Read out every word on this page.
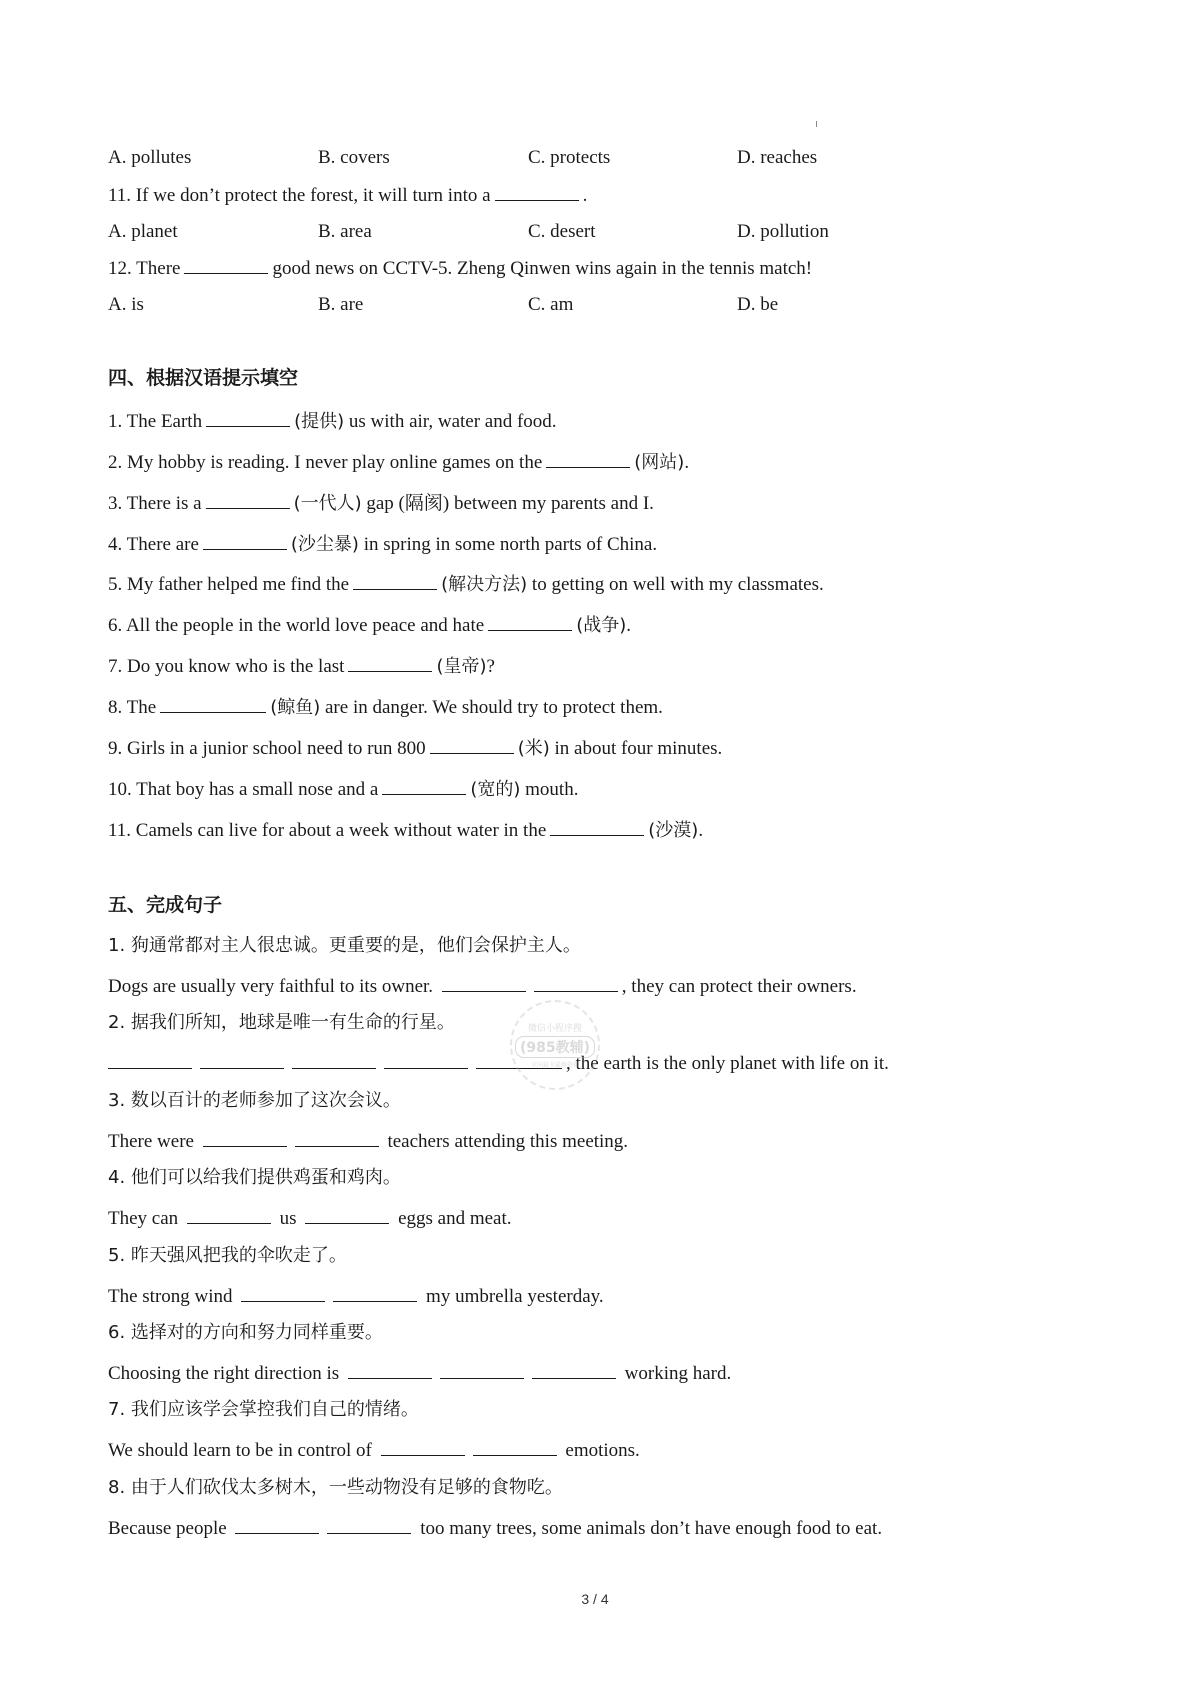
A. pollutes	B. covers	C. protects	D. reaches
11. If we don’t protect the forest, it will turn into a	.
A. planet	B. area	C. desert	D. pollution
12. There	good news on CCTV-5. Zheng Qinwen wins again in the tennis match!
A. is	B. are	C. am	D. be
四、根据汉语提示填空
1. The Earth	(提供) us with air, water and food.
2. My hobby is reading. I never play online games on the	(网站).
3. There is a	(一代人) gap (隔阂) between my parents and I.
4. There are	(沙尘暴) in spring in some north parts of China.
5. My father helped me find the	(解决方法) to getting on well with my classmates.
6. All the people in the world love peace and hate	(战争).
7. Do you know who is the last	(皇帝)?
8. The	(鲸鱼) are in danger. We should try to protect them.
9. Girls in a junior school need to run 800	(米) in about four minutes.
10. That boy has a small nose and a	(宽的) mouth.
11. Camels can live for about a week without water in the	(沙漠).
五、完成句子
1. 狗通常都对主人很忠诚。更重要的是，他们会保护主人。
Dogs are usually very faithful to its owner.	, they can protect their owners.
2. 据我们所知，地球是唯一有生命的行星。
, the earth is the only planet with life on it.
3. 数以百计的老师参加了这次会议。
There were	teachers attending this meeting.
4. 他们可以给我们提供鸡蛋和鸡肉。
They can	us	eggs and meat.
5. 昨天强风把我的伞吹走了。
The strong wind	my umbrella yesterday.
6. 选择对的方向和努力同样重要。
Choosing the right direction is	working hard.
7. 我们应该学会掌控我们自己的情绪。
We should learn to be in control of	emotions.
8. 由于人们砍伐太多树木，一些动物没有足够的食物吃。
Because people	too many trees, some animals don’t have enough food to eat.
微信小程序搜
(985教辅)
全国最全最新资料
3 / 4
